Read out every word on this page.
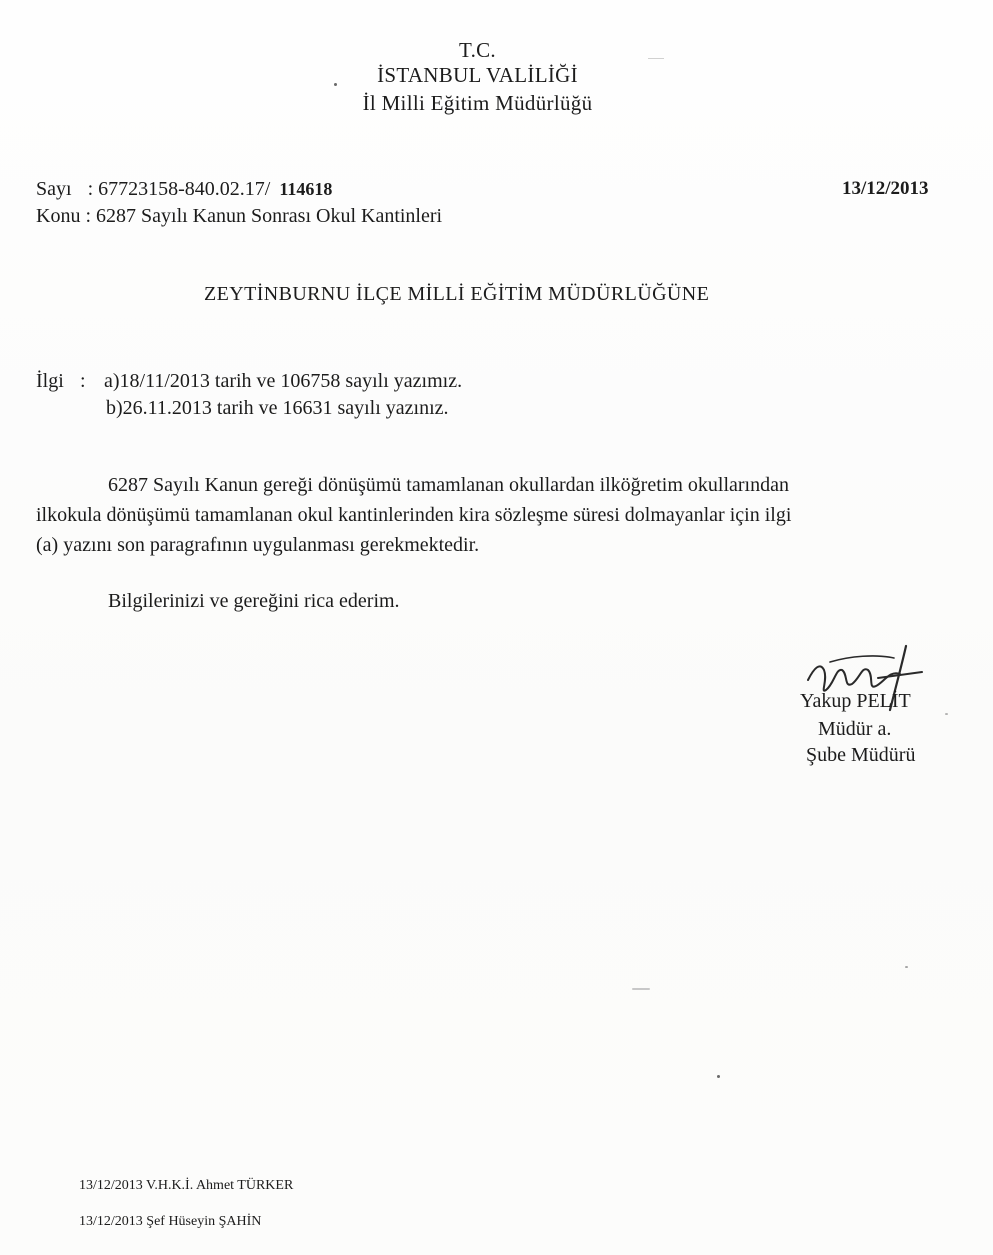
T.C.
İSTANBUL VALİLİĞİ
İl Milli Eğitim Müdürlüğü
Sayı : 67723158-840.02.17/ 114618	13/12/2013
Konu : 6287 Sayılı Kanun Sonrası Okul Kantinleri
ZEYTİNBURNU İLÇE MİLLİ EĞİTİM MÜDÜRLÜĞÜNE
İlgi : a)18/11/2013 tarih ve 106758 sayılı yazımız.
b)26.11.2013 tarih ve 16631 sayılı yazınız.
6287 Sayılı Kanun gereği dönüşümü tamamlanan okullardan ilköğretim okullarından
ilkokula dönüşümü tamamlanan okul kantinlerinden kira sözleşme süresi dolmayanlar için ilgi
(a) yazını son paragrafının uygulanması gerekmektedir.
Bilgilerinizi ve gereğini rica ederim.
Yakup PELİT
Müdür a.
Şube Müdürü
13/12/2013 V.H.K.İ. Ahmet TÜRKER
13/12/2013 Şef Hüseyin ŞAHİN
